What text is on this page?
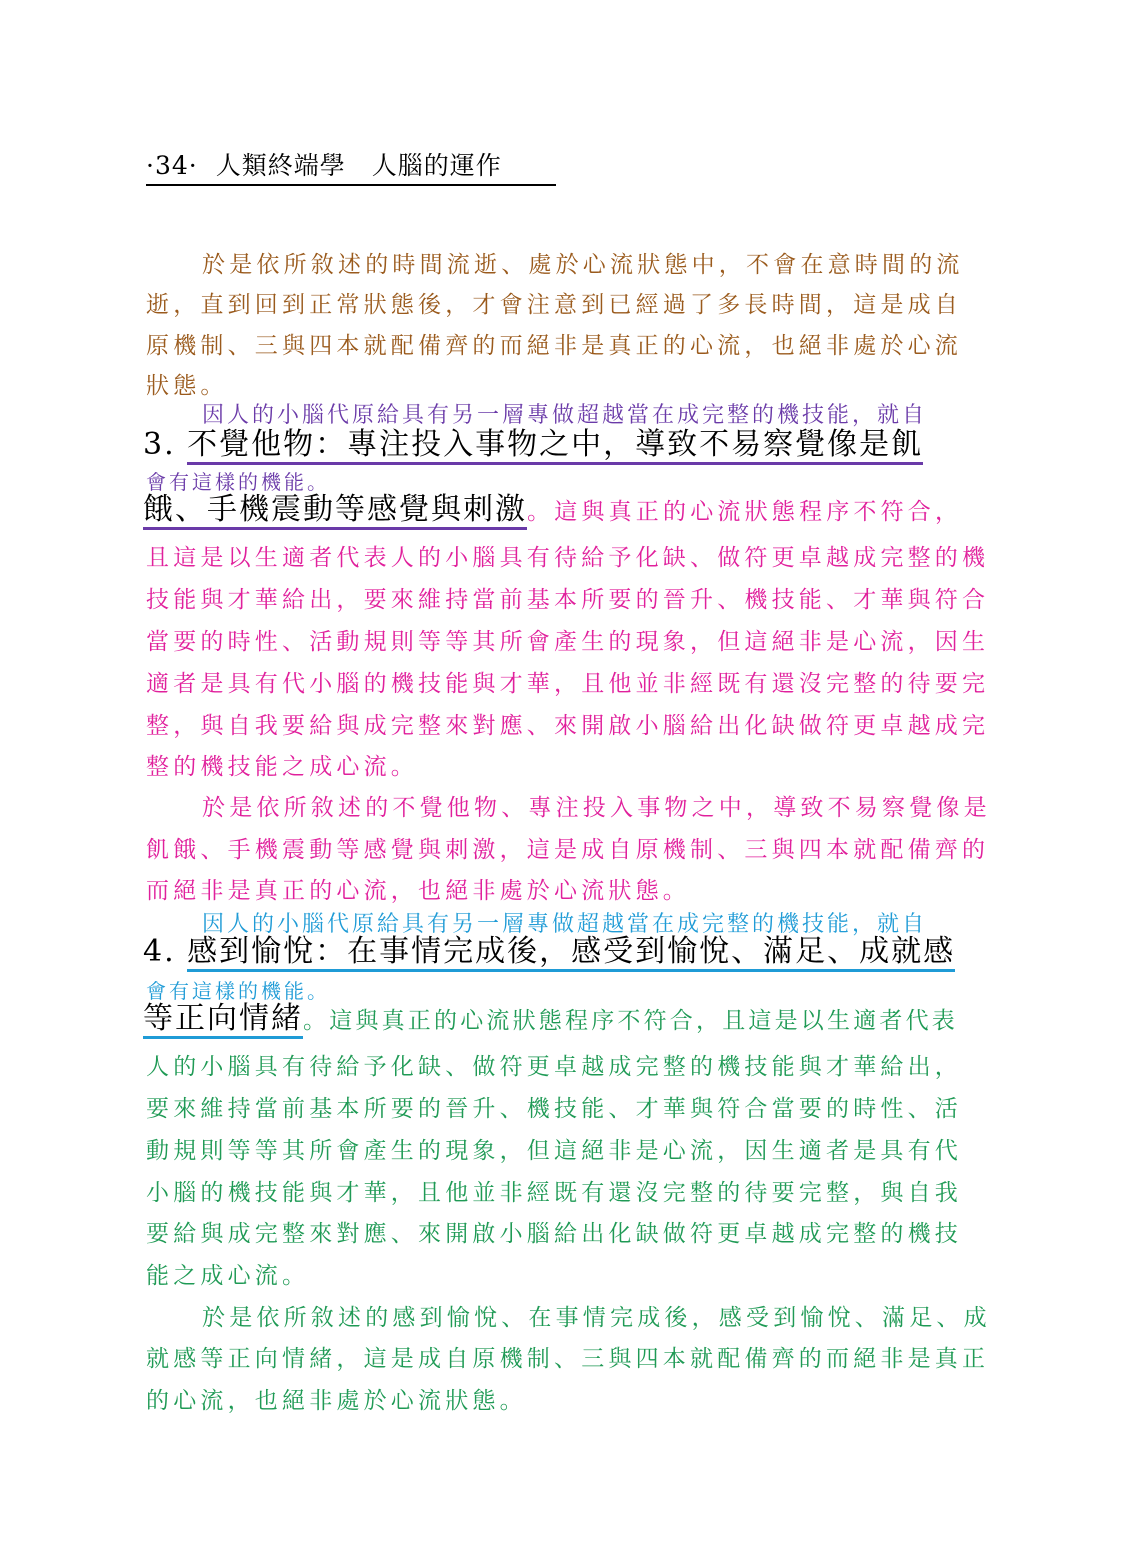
·34· 人類終端學 人腦的運作
於是依所敘述的時間流逝、處於心流狀態中，不會在意時間的流
逝，直到回到正常狀態後，才會注意到已經過了多長時間，這是成自
原機制、三與四本就配備齊的而絕非是真正的心流，也絕非處於心流
狀態。
因人的小腦代原給具有另一層專做超越當在成完整的機技能，就自
3. 不覺他物：專注投入事物之中，導致不易察覺像是飢
會有這樣的機能。
餓、手機震動等感覺與刺激。這與真正的心流狀態程序不符合，
且這是以生適者代表人的小腦具有待給予化缺、做符更卓越成完整的機
技能與才華給出，要來維持當前基本所要的晉升、機技能、才華與符合
當要的時性、活動規則等等其所會產生的現象，但這絕非是心流，因生
適者是具有代小腦的機技能與才華，且他並非經既有還沒完整的待要完
整，與自我要給與成完整來對應、來開啟小腦給出化缺做符更卓越成完
整的機技能之成心流。
於是依所敘述的不覺他物、專注投入事物之中，導致不易察覺像是
飢餓、手機震動等感覺與刺激，這是成自原機制、三與四本就配備齊的
而絕非是真正的心流，也絕非處於心流狀態。
因人的小腦代原給具有另一層專做超越當在成完整的機技能，就自
4. 感到愉悅：在事情完成後，感受到愉悅、滿足、成就感
會有這樣的機能。
等正向情緒。這與真正的心流狀態程序不符合，且這是以生適者代表
人的小腦具有待給予化缺、做符更卓越成完整的機技能與才華給出，
要來維持當前基本所要的晉升、機技能、才華與符合當要的時性、活
動規則等等其所會產生的現象，但這絕非是心流，因生適者是具有代
小腦的機技能與才華，且他並非經既有還沒完整的待要完整，與自我
要給與成完整來對應、來開啟小腦給出化缺做符更卓越成完整的機技
能之成心流。
於是依所敘述的感到愉悅、在事情完成後，感受到愉悅、滿足、成
就感等正向情緒，這是成自原機制、三與四本就配備齊的而絕非是真正
的心流，也絕非處於心流狀態。
